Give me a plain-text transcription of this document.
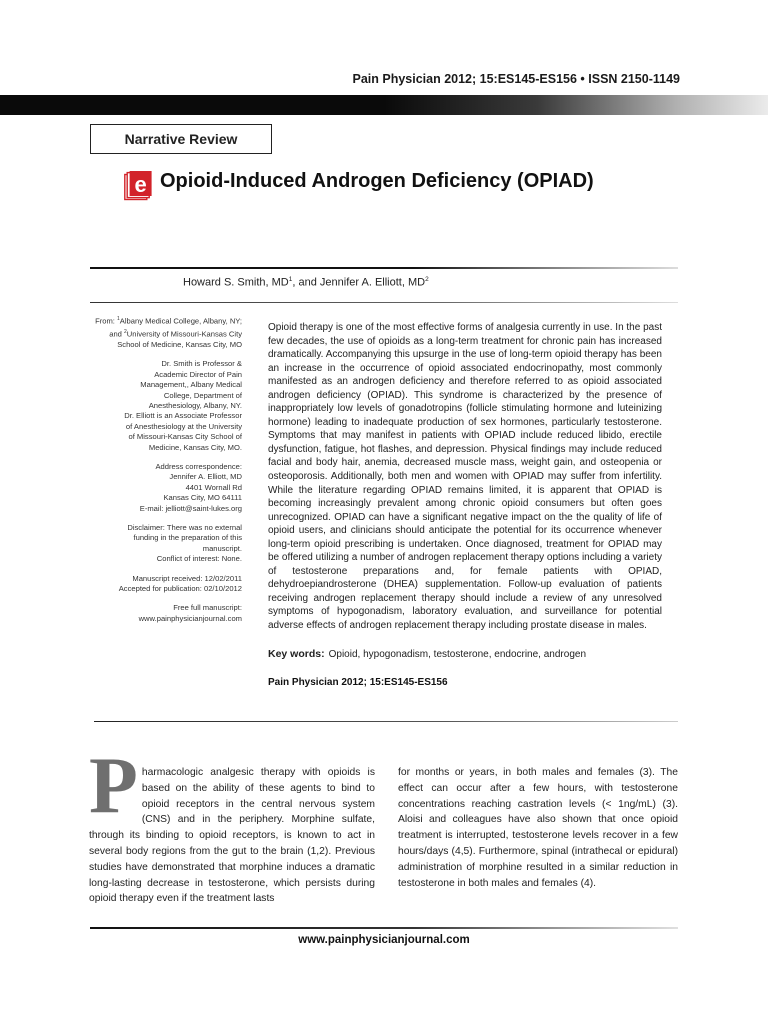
Pain Physician 2012; 15:ES145-ES156 • ISSN 2150-1149
Narrative Review
e Opioid-Induced Androgen Deficiency (OPIAD)
Howard S. Smith, $MD^1$, and Jennifer A. Elliott, $MD^2$

From: $^1$Albany Medical College, Albany, NY; and $^2$University of Missouri-Kansas City School of Medicine, Kansas City, MO

Dr. Smith is Professor &
Academic Director of Pain
Management,, Albany Medical
College, Department of
Anesthesiology, Albany, NY.
Dr. Elliott is an Associate Professor
of Anesthesiology at the University
of Missouri-Kansas City School of
Medicine, Kansas City, MO.

Address correspondence:
Jennifer A. Elliott, MD
4401 Wornall Rd
Kansas City, MO 64111
E-mail: jelliott@saint-lukes.org

Disclaimer: There was no external
funding in the preparation of this
manuscript.
Conflict of interest: None.

Manuscript received: 12/02/2011
Accepted for publication: 02/10/2012

Free full manuscript:
www.painphysicianjournal.com

Opioid therapy is one of the most effective forms of analgesia currently in use. In the past few decades, the use of opioids as a long-term treatment for chronic pain has increased dramatically. Accompanying this upsurge in the use of long-term opioid therapy has been an increase in the occurrence of opioid associated endocrinopathy, most commonly manifested as an androgen deficiency and therefore referred to as opioid associated androgen deficiency (OPIAD). This syndrome is characterized by the presence of inappropriately low levels of gonadotropins (follicle stimulating hormone and luteinizing hormone) leading to inadequate production of sex hormones, particularly testosterone. Symptoms that may manifest in patients with OPIAD include reduced libido, erectile dysfunction, fatigue, hot flashes, and depression. Physical findings may include reduced facial and body hair, anemia, decreased muscle mass, weight gain, and osteopenia or osteoporosis. Additionally, both men and women with OPIAD may suffer from infertility. While the literature regarding OPIAD remains limited, it is apparent that OPIAD is becoming increasingly prevalent among chronic opioid consumers but often goes unrecognized. OPIAD can have a significant negative impact on the the quality of life of opioid users, and clinicians should anticipate the potential for its occurrence whenever long-term opioid prescribing is undertaken. Once diagnosed, treatment for OPIAD may be offered utilizing a number of androgen replacement therapy options including a variety of testosterone preparations and, for female patients with OPIAD, dehydroepiandrosterone (DHEA) supplementation. Follow-up evaluation of patients receiving androgen replacement therapy should include a review of any unresolved symptoms of hypogonadism, laboratory evaluation, and surveillance for potential adverse effects of androgen replacement therapy including prostate disease in males.

Key words: Opioid, hypogonadism, testosterone, endocrine, androgen
Pain Physician 2012; 15:ES145-ES156

Pharmacologic analgesic therapy with opioids is based on the ability of these agents to bind to opioid receptors in the central nervous system (CNS) and in the periphery. Morphine sulfate, through its binding to opioid receptors, is known to act in several body regions from the gut to the brain (1,2). Previous studies have demonstrated that morphine induces a dramatic long-lasting decrease in testosterone, which persists during opioid therapy even if the treatment lasts

for months or years, in both males and females (3). The effect can occur after a few hours, with testosterone concentrations reaching castration levels (< 1ng/mL) (3). Aloisi and colleagues have also shown that once opioid treatment is interrupted, testosterone levels recover in a few hours/days (4,5). Furthermore, spinal (intrathecal or epidural) administration of morphine resulted in a similar reduction in testosterone in both males and females (4).

www.painphysicianjournal.com
